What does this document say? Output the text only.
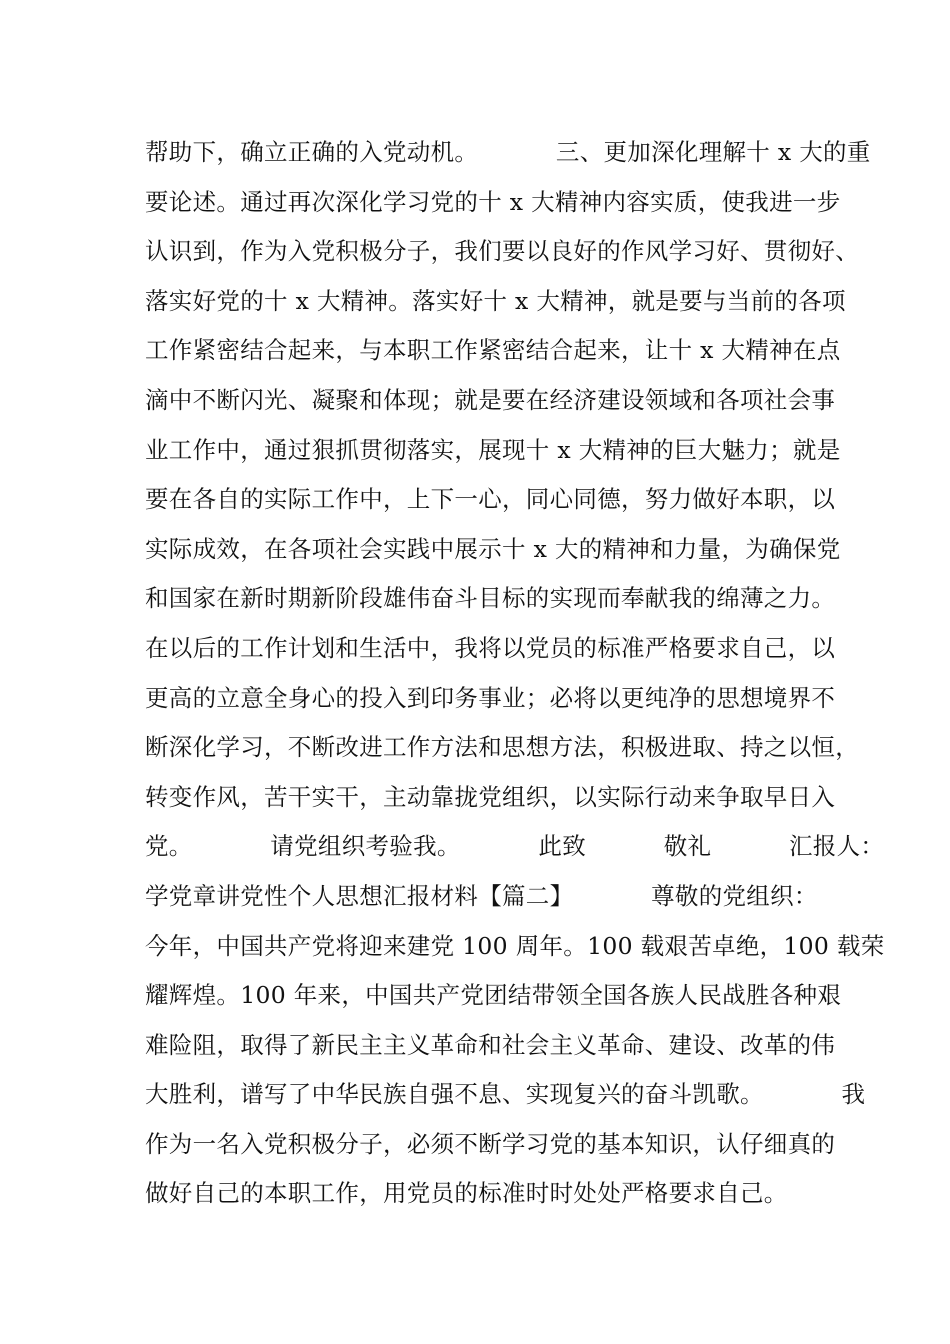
帮助下，确立正确的入党动机。          三、更加深化理解十 x 大的重
要论述。通过再次深化学习党的十 x 大精神内容实质，使我进一步
认识到，作为入党积极分子，我们要以良好的作风学习好、贯彻好、
落实好党的十 x 大精神。落实好十 x 大精神，就是要与当前的各项
工作紧密结合起来，与本职工作紧密结合起来，让十 x 大精神在点
滴中不断闪光、凝聚和体现；就是要在经济建设领域和各项社会事
业工作中，通过狠抓贯彻落实，展现十 x 大精神的巨大魅力；就是
要在各自的实际工作中，上下一心，同心同德，努力做好本职，以
实际成效，在各项社会实践中展示十 x 大的精神和力量，为确保党
和国家在新时期新阶段雄伟奋斗目标的实现而奉献我的绵薄之力。
在以后的工作计划和生活中，我将以党员的标准严格要求自己，以
更高的立意全身心的投入到印务事业；必将以更纯净的思想境界不
断深化学习，不断改进工作方法和思想方法，积极进取、持之以恒，
转变作风，苦干实干，主动靠拢党组织，以实际行动来争取早日入
党。          请党组织考验我。          此致          敬礼          汇报人：
学党章讲党性个人思想汇报材料【篇二】          尊敬的党组织：
今年，中国共产党将迎来建党 100 周年。100 载艰苦卓绝，100 载荣
耀辉煌。100 年来，中国共产党团结带领全国各族人民战胜各种艰
难险阻，取得了新民主主义革命和社会主义革命、建设、改革的伟
大胜利，谱写了中华民族自强不息、实现复兴的奋斗凯歌。          我
作为一名入党积极分子，必须不断学习党的基本知识，认仔细真的
做好自己的本职工作，用党员的标准时时处处严格要求自己。
